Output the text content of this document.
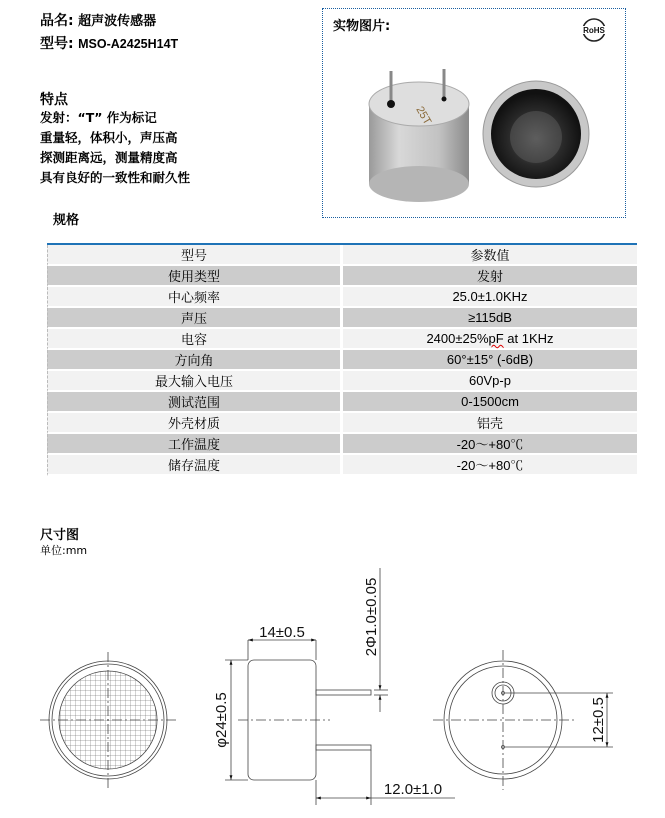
品名: 超声波传感器
型号: MSO-A2425H14T
特点
发射：“T” 作为标记
重量轻，体积小，声压高
探测距离远，测量精度高
具有良好的一致性和耐久性
实物图片:	RoHS
25T
规格
型号	参数值
使用类型	发射
中心频率	25.0±1.0KHz
声压	≥115dB
电容	2400±25%pF at 1KHz
方向角	60°±15° (-6dB)
最大输入电压	60Vp-p
测试范围	0-1500cm
外壳材质	铝壳
工作温度	-20～+80℃
储存温度	-20～+80℃
尺寸图
单位:mm
14±0.5
φ24±0.5
2Φ1.0±0.05
12.0±1.0
12±0.5
